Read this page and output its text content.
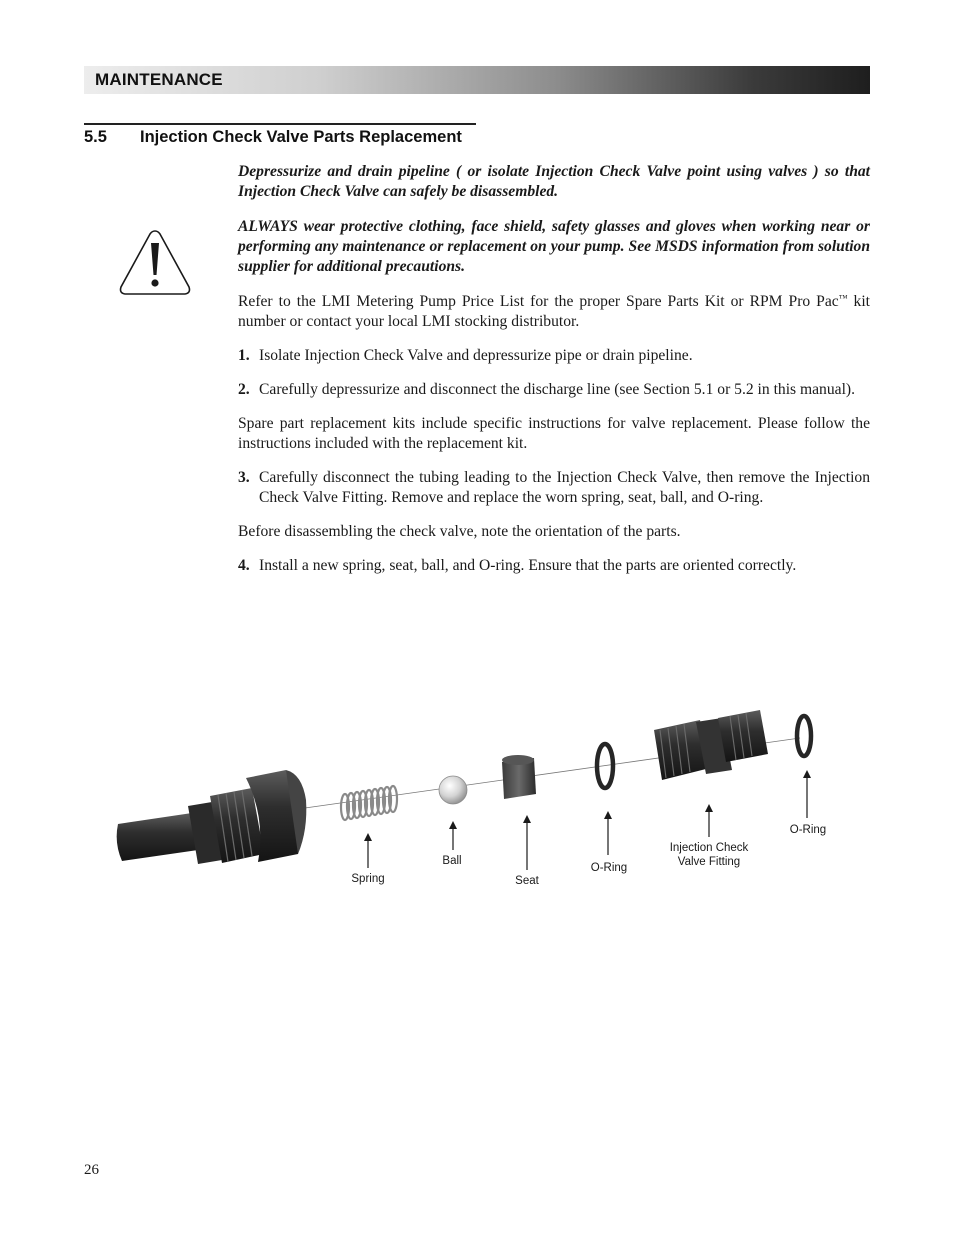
MAINTENANCE
5.5 Injection Check Valve Parts Replacement

Depressurize and drain pipeline ( or isolate Injection Check Valve point using valves ) so that Injection Check Valve can safely be disassembled.

ALWAYS wear protective clothing, face shield, safety glasses and gloves when working near or performing any maintenance or replacement on your pump. See MSDS information from solution supplier for additional precautions.

Refer to the LMI Metering Pump Price List for the proper Spare Parts Kit or RPM Pro Pac™ kit number or contact your local LMI stocking distributor.

1. Isolate Injection Check Valve and depressurize pipe or drain pipeline.
2. Carefully depressurize and disconnect the discharge line (see Section 5.1 or 5.2 in this manual).

Spare part replacement kits include specific instructions for valve replacement. Please follow the instructions included with the replacement kit.

3. Carefully disconnect the tubing leading to the Injection Check Valve, then remove the Injection Check Valve Fitting. Remove and replace the worn spring, seat, ball, and O-ring.

Before disassembling the check valve, note the orientation of the parts.

4. Install a new spring, seat, ball, and O-ring. Ensure that the parts are oriented correctly.
Spring
Ball
Seat
O-Ring
Injection Check
Valve Fitting
O-Ring
26
